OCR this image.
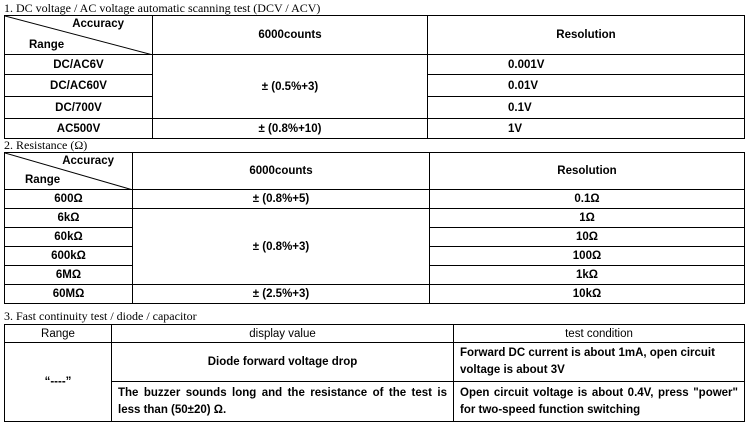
1. DC voltage / AC voltage automatic scanning test (DCV / ACV)
Accuracy
Range	6000counts	Resolution
DC/AC6V	± (0.5%+3)	0.001V
DC/AC60V		0.01V
DC/700V		0.1V
AC500V	± (0.8%+10)	1V
2. Resistance (Ω)
Accuracy
Range	6000counts	Resolution
600Ω	± (0.8%+5)	0.1Ω
6kΩ	± (0.8%+3)	1Ω
60kΩ		10Ω
600kΩ		100Ω
6MΩ		1kΩ
60MΩ	± (2.5%+3)	10kΩ
3. Fast continuity test / diode / capacitor
Range	display value	test condition
“----”	Diode forward voltage drop	Forward DC current is about 1mA, open circuit voltage is about 3V
	The buzzer sounds long and the resistance of the test is less than (50±20) Ω.	Open circuit voltage is about 0.4V, press "power" for two-speed function switching
